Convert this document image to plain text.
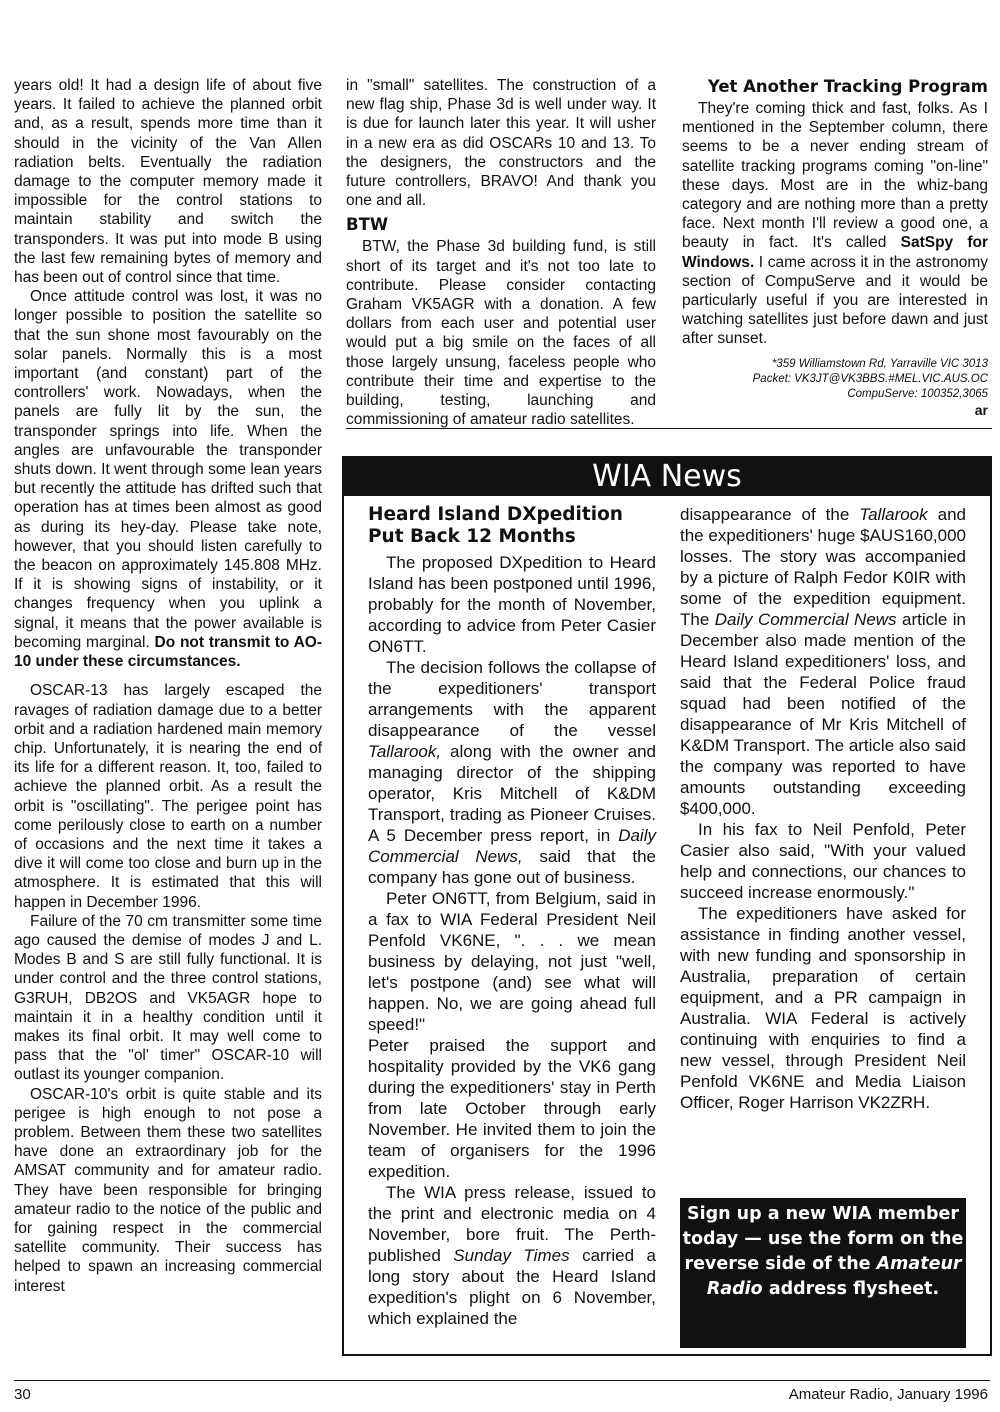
years old! It had a design life of about five years. It failed to achieve the planned orbit and, as a result, spends more time than it should in the vicinity of the Van Allen radiation belts. Eventually the radiation damage to the computer memory made it impossible for the control stations to maintain stability and switch the transponders. It was put into mode B using the last few remaining bytes of memory and has been out of control since that time.

Once attitude control was lost, it was no longer possible to position the satellite so that the sun shone most favourably on the solar panels. Normally this is a most important (and constant) part of the controllers' work. Nowadays, when the panels are fully lit by the sun, the transponder springs into life. When the angles are unfavourable the transponder shuts down. It went through some lean years but recently the attitude has drifted such that operation has at times been almost as good as during its hey-day. Please take note, however, that you should listen carefully to the beacon on approximately 145.808 MHz. If it is showing signs of instability, or it changes frequency when you uplink a signal, it means that the power available is becoming marginal. Do not transmit to AO-10 under these circumstances.

OSCAR-13 has largely escaped the ravages of radiation damage due to a better orbit and a radiation hardened main memory chip. Unfortunately, it is nearing the end of its life for a different reason. It, too, failed to achieve the planned orbit. As a result the orbit is "oscillating". The perigee point has come perilously close to earth on a number of occasions and the next time it takes a dive it will come too close and burn up in the atmosphere. It is estimated that this will happen in December 1996.

Failure of the 70 cm transmitter some time ago caused the demise of modes J and L. Modes B and S are still fully functional. It is under control and the three control stations, G3RUH, DB2OS and VK5AGR hope to maintain it in a healthy condition until it makes its final orbit. It may well come to pass that the "ol' timer" OSCAR-10 will outlast its younger companion.

OSCAR-10's orbit is quite stable and its perigee is high enough to not pose a problem. Between them these two satellites have done an extraordinary job for the AMSAT community and for amateur radio. They have been responsible for bringing amateur radio to the notice of the public and for gaining respect in the commercial satellite community. Their success has helped to spawn an increasing commercial interest

in "small" satellites. The construction of a new flag ship, Phase 3d is well under way. It is due for launch later this year. It will usher in a new era as did OSCARs 10 and 13. To the designers, the constructors and the future controllers, BRAVO! And thank you one and all.

BTW

BTW, the Phase 3d building fund, is still short of its target and it's not too late to contribute. Please consider contacting Graham VK5AGR with a donation. A few dollars from each user and potential user would put a big smile on the faces of all those largely unsung, faceless people who contribute their time and expertise to the building, testing, launching and commissioning of amateur radio satellites.

Yet Another Tracking Program

They're coming thick and fast, folks. As I mentioned in the September column, there seems to be a never ending stream of satellite tracking programs coming "on-line" these days. Most are in the whiz-bang category and are nothing more than a pretty face. Next month I'll review a good one, a beauty in fact. It's called SatSpy for Windows. I came across it in the astronomy section of CompuServe and it would be particularly useful if you are interested in watching satellites just before dawn and just after sunset.

*359 Williamstown Rd, Yarraville VIC 3013
Packet: VK3JT@VK3BBS.#MEL.VIC.AUS.OC
CompuServe: 100352,3065
ar
WIA News
Heard Island DXpedition Put Back 12 Months

The proposed DXpedition to Heard Island has been postponed until 1996, probably for the month of November, according to advice from Peter Casier ON6TT.

The decision follows the collapse of the expeditioners' transport arrangements with the apparent disappearance of the vessel Tallarook, along with the owner and managing director of the shipping operator, Kris Mitchell of K&DM Transport, trading as Pioneer Cruises. A 5 December press report, in Daily Commercial News, said that the company has gone out of business.

Peter ON6TT, from Belgium, said in a fax to WIA Federal President Neil Penfold VK6NE, ". . . we mean business by delaying, not just "well, let's postpone (and) see what will happen. No, we are going ahead full speed!"

Peter praised the support and hospitality provided by the VK6 gang during the expeditioners' stay in Perth from late October through early November. He invited them to join the team of organisers for the 1996 expedition.

The WIA press release, issued to the print and electronic media on 4 November, bore fruit. The Perth-published Sunday Times carried a long story about the Heard Island expedition's plight on 6 November, which explained the

disappearance of the Tallarook and the expeditioners' huge $AUS160,000 losses. The story was accompanied by a picture of Ralph Fedor K0IR with some of the expedition equipment. The Daily Commercial News article in December also made mention of the Heard Island expeditioners' loss, and said that the Federal Police fraud squad had been notified of the disappearance of Mr Kris Mitchell of K&DM Transport. The article also said the company was reported to have amounts outstanding exceeding $400,000.

In his fax to Neil Penfold, Peter Casier also said, "With your valued help and connections, our chances to succeed increase enormously."

The expeditioners have asked for assistance in finding another vessel, with new funding and sponsorship in Australia, preparation of certain equipment, and a PR campaign in Australia. WIA Federal is actively continuing with enquiries to find a new vessel, through President Neil Penfold VK6NE and Media Liaison Officer, Roger Harrison VK2ZRH.

Sign up a new WIA member today — use the form on the reverse side of the Amateur Radio address flysheet.
30	Amateur Radio, January 1996
